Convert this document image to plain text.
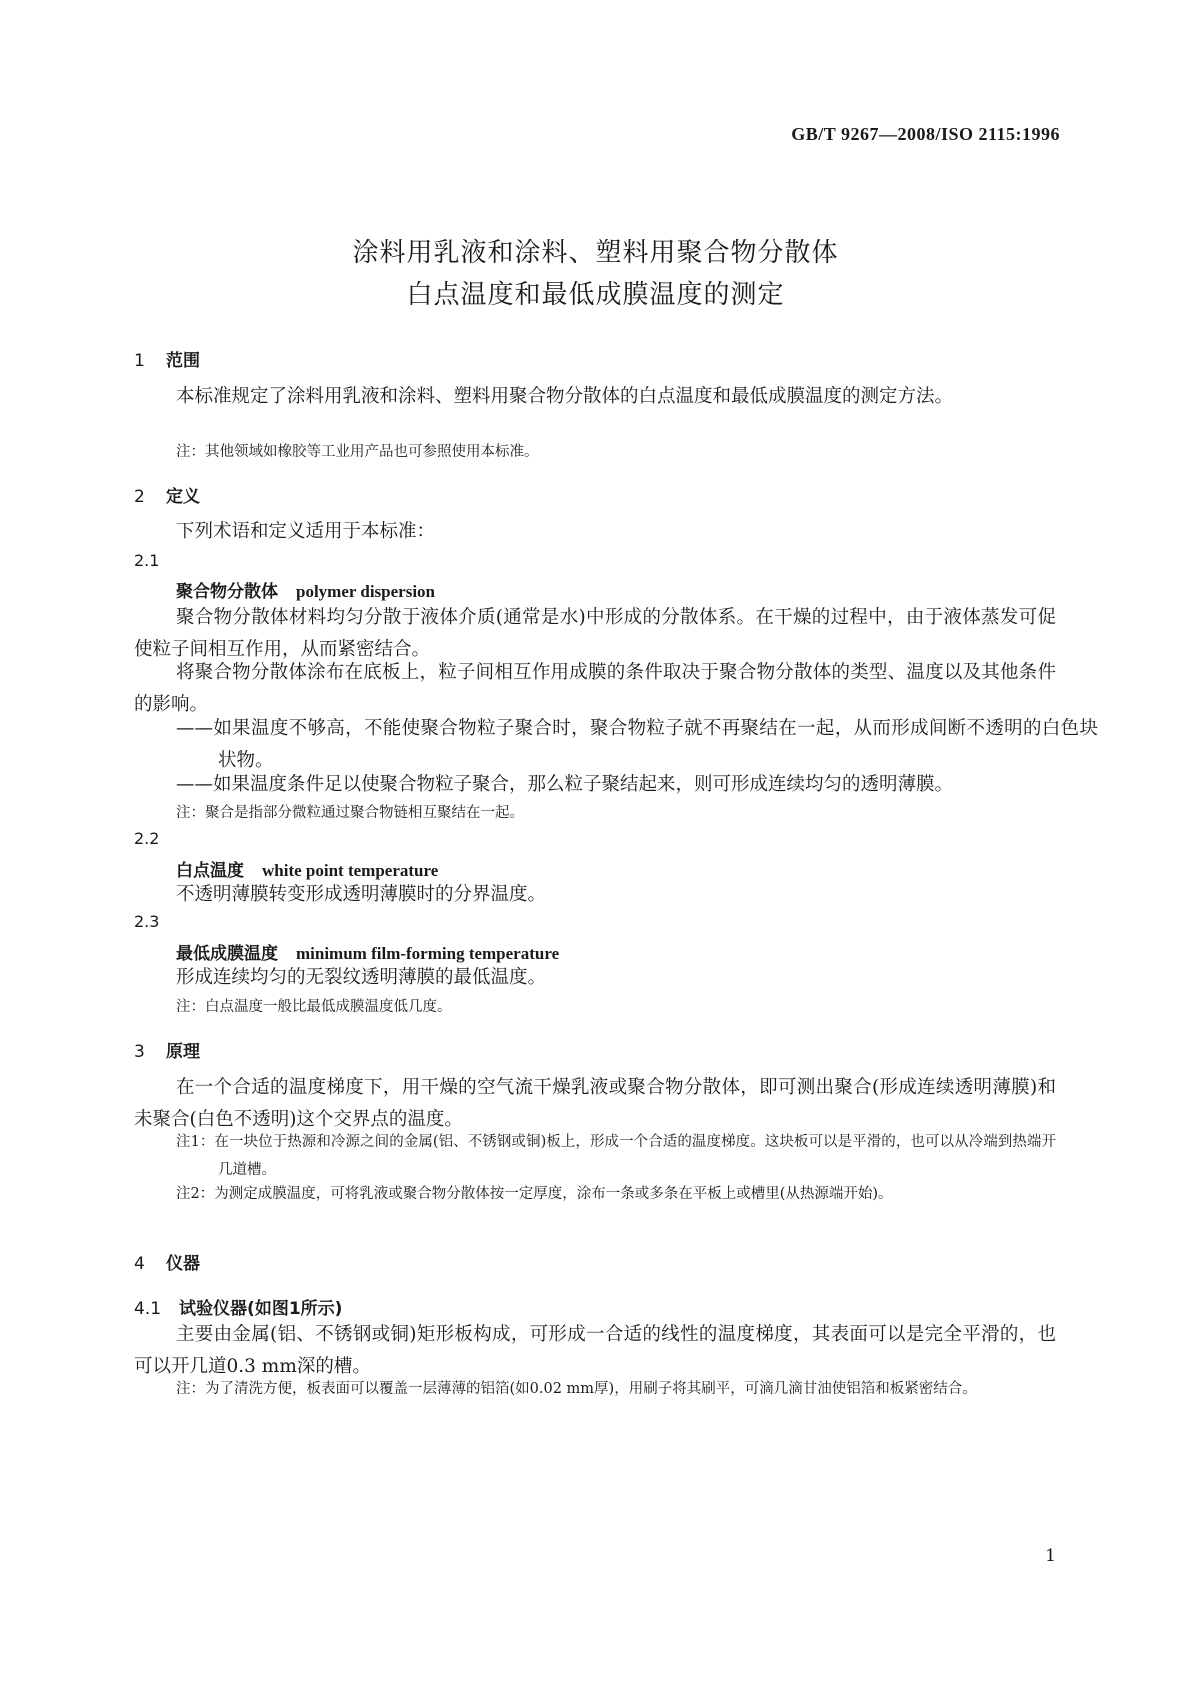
GB/T 9267—2008/ISO 2115:1996
涂料用乳液和涂料、塑料用聚合物分散体
白点温度和最低成膜温度的测定
1 范围
本标准规定了涂料用乳液和涂料、塑料用聚合物分散体的白点温度和最低成膜温度的测定方法。
注：其他领域如橡胶等工业用产品也可参照使用本标准。
2 定义
下列术语和定义适用于本标准：
2.1
聚合物分散体 polymer dispersion
聚合物分散体材料均匀分散于液体介质(通常是水)中形成的分散体系。在干燥的过程中，由于液体蒸发可促使粒子间相互作用，从而紧密结合。
将聚合物分散体涂布在底板上，粒子间相互作用成膜的条件取决于聚合物分散体的类型、温度以及其他条件的影响。
——如果温度不够高，不能使聚合物粒子聚合时，聚合物粒子就不再聚结在一起，从而形成间断不透明的白色块状物。
——如果温度条件足以使聚合物粒子聚合，那么粒子聚结起来，则可形成连续均匀的透明薄膜。
注：聚合是指部分微粒通过聚合物链相互聚结在一起。
2.2
白点温度 white point temperature
不透明薄膜转变形成透明薄膜时的分界温度。
2.3
最低成膜温度 minimum film-forming temperature
形成连续均匀的无裂纹透明薄膜的最低温度。
注：白点温度一般比最低成膜温度低几度。
3 原理
在一个合适的温度梯度下，用干燥的空气流干燥乳液或聚合物分散体，即可测出聚合(形成连续透明薄膜)和未聚合(白色不透明)这个交界点的温度。
注1：在一块位于热源和冷源之间的金属(铝、不锈钢或铜)板上，形成一个合适的温度梯度。这块板可以是平滑的，也可以从冷端到热端开几道槽。
注2：为测定成膜温度，可将乳液或聚合物分散体按一定厚度，涂布一条或多条在平板上或槽里(从热源端开始)。
4 仪器
4.1 试验仪器(如图1所示)
主要由金属(铝、不锈钢或铜)矩形板构成，可形成一合适的线性的温度梯度，其表面可以是完全平滑的，也可以开几道0.3 mm深的槽。
注：为了清洗方便，板表面可以覆盖一层薄薄的铝箔(如0.02 mm厚)，用刷子将其刷平，可滴几滴甘油使铝箔和板紧密结合。
1
